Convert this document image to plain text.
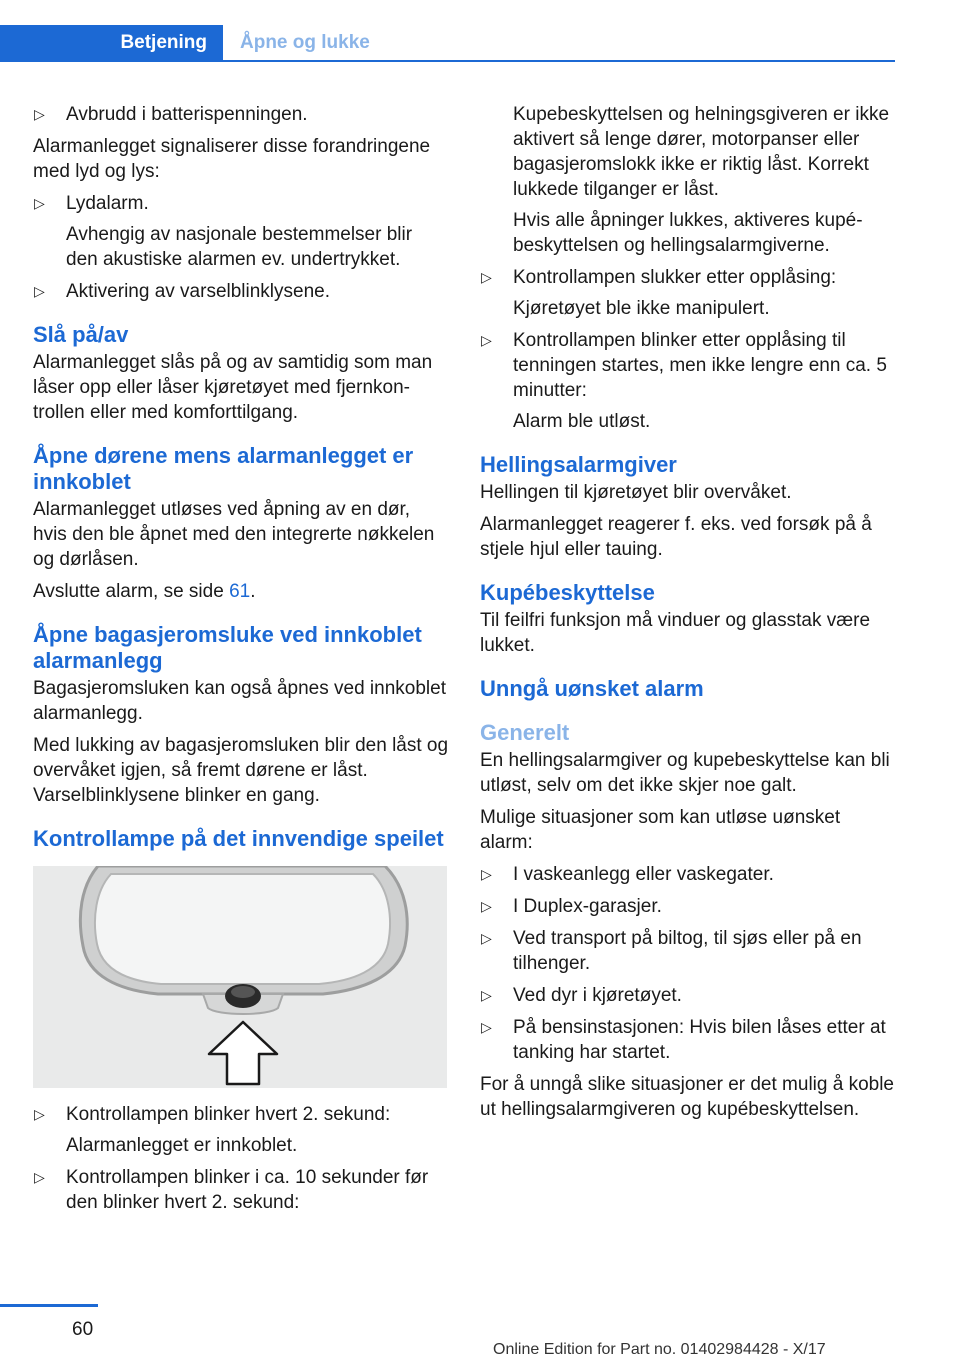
Betjening Åpne og lukke
▷ Avbrudd i batterispenningen.

Alarmanlegget signaliserer disse forandringene med lyd og lys:

▷ Lydalarm.
Avhengig av nasjonale bestemmelser blir den akustiske alarmen ev. undertrykket.
▷ Aktivering av varselblinklysene.
Slå på/av

Alarmanlegget slås på og av samtidig som man låser opp eller låser kjøretøyet med fjernkontrollen eller med komforttilgang.

Åpne dørene mens alarmanlegget er innkoblet

Alarmanlegget utløses ved åpning av en dør, hvis den ble åpnet med den integrerte nøkkelen og dørlåsen.

Avslutte alarm, se side 61.

Åpne bagasjeromsluke ved innkoblet alarmanlegg

Bagasjeromsluken kan også åpnes ved innkoblet alarmanlegg.

Med lukking av bagasjeromsluken blir den låst og overvåket igjen, så fremt dørene er låst. Varselblinklysene blinker en gang.

Kontrollampe på det innvendige speilet
▷ Kontrollampen blinker hvert 2. sekund:
Alarmanlegget er innkoblet.
▷ Kontrollampen blinker i ca. 10 sekunder før den blinker hvert 2. sekund:
Kupebeskyttelsen og helningsgiveren er ikke aktivert så lenge dører, motorpanser eller bagasjeromslokk ikke er riktig låst. Korrekt lukkede tilganger er låst.
Hvis alle åpninger lukkes, aktiveres kupébeskyttelsen og hellingsalarmgiverne.
▷ Kontrollampen slukker etter opplåsing:
Kjøretøyet ble ikke manipulert.
▷ Kontrollampen blinker etter opplåsing til tenningen startes, men ikke lengre enn ca. 5 minutter:
Alarm ble utløst.
Hellingsalarmgiver

Hellingen til kjøretøyet blir overvåket.

Alarmanlegget reagerer f. eks. ved forsøk på å stjele hjul eller tauing.

Kupébeskyttelse

Til feilfri funksjon må vinduer og glasstak være lukket.

Unngå uønsket alarm
Generelt

En hellingsalarmgiver og kupebeskyttelse kan bli utløst, selv om det ikke skjer noe galt.

Mulige situasjoner som kan utløse uønsket alarm:

▷ I vaskeanlegg eller vaskegater.
▷ I Duplex-garasjer.
▷ Ved transport på biltog, til sjøs eller på en tilhenger.
▷ Ved dyr i kjøretøyet.
▷ På bensinstasjonen: Hvis bilen låses etter at tanking har startet.

For å unngå slike situasjoner er det mulig å koble ut hellingsalarmgiveren og kupébeskyttelsen.

60
Online Edition for Part no. 01402984428 - X/17
